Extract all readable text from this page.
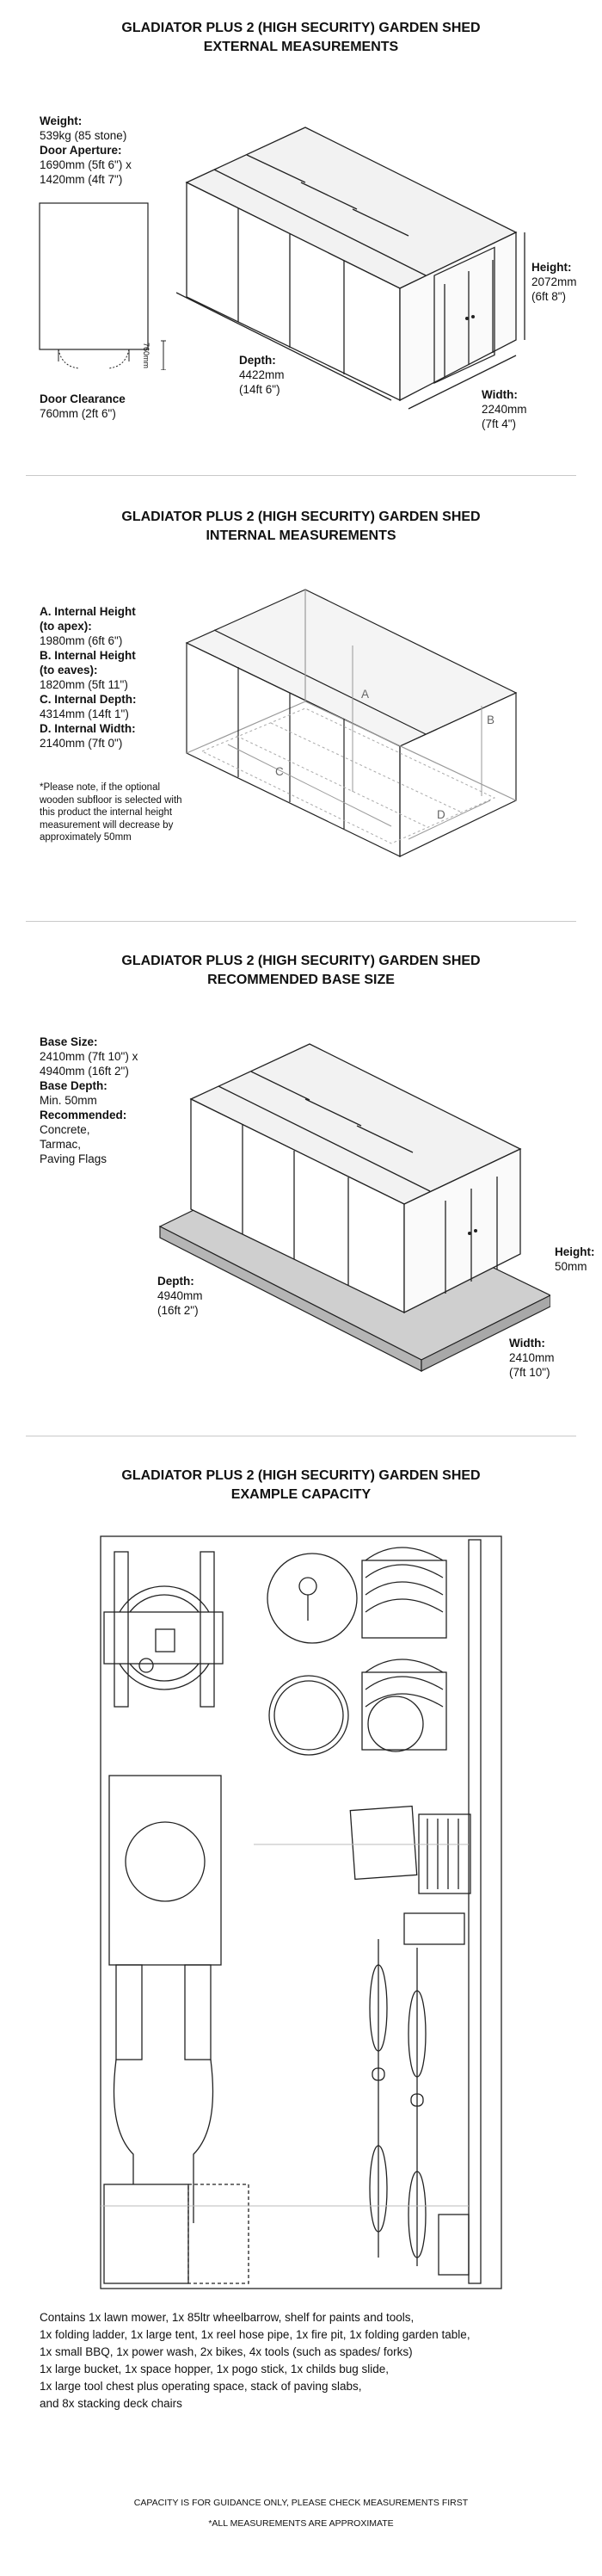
GLADIATOR PLUS 2 (HIGH SECURITY) GARDEN SHED
EXTERNAL MEASUREMENTS
Weight:
539kg (85 stone)
Door Aperture:
1690mm (5ft 6") x
1420mm (4ft 7")
760mm
Door Clearance
760mm (2ft 6")
Depth:
4422mm
(14ft 6")	Width:
2240mm
(7ft 4")
Height:
2072mm
(6ft 8")
GLADIATOR PLUS 2 (HIGH SECURITY) GARDEN SHED
INTERNAL MEASUREMENTS
A. Internal Height
(to apex):
1980mm (6ft 6")
B. Internal Height
(to eaves):
1820mm (5ft 11")
C. Internal Depth:
4314mm (14ft 1")
D. Internal Width:
2140mm (7ft 0")
*Please note, if the optional wooden subfloor is selected with this product the internal height measurement will decrease by approximately 50mm
A
B
C
D
GLADIATOR PLUS 2 (HIGH SECURITY) GARDEN SHED
RECOMMENDED BASE SIZE
Base Size:
2410mm (7ft 10") x
4940mm (16ft 2")
Base Depth:
Min. 50mm
Recommended:
Concrete,
Tarmac,
Paving Flags
Depth:
4940mm
(16ft 2")
Width:
2410mm
(7ft 10")
Height:
50mm
GLADIATOR PLUS 2 (HIGH SECURITY) GARDEN SHED
EXAMPLE CAPACITY
Contains 1x lawn mower, 1x 85ltr wheelbarrow, shelf for paints and tools,
1x folding ladder, 1x large tent, 1x reel hose pipe, 1x fire pit, 1x folding garden table,
1x small BBQ, 1x power wash, 2x bikes, 4x tools (such as spades/ forks)
1x large bucket, 1x space hopper, 1x pogo stick, 1x childs bug slide,
1x large tool chest plus operating space, stack of paving slabs,
and 8x stacking deck chairs
CAPACITY IS FOR GUIDANCE ONLY, PLEASE CHECK MEASUREMENTS FIRST
*ALL MEASUREMENTS ARE APPROXIMATE
